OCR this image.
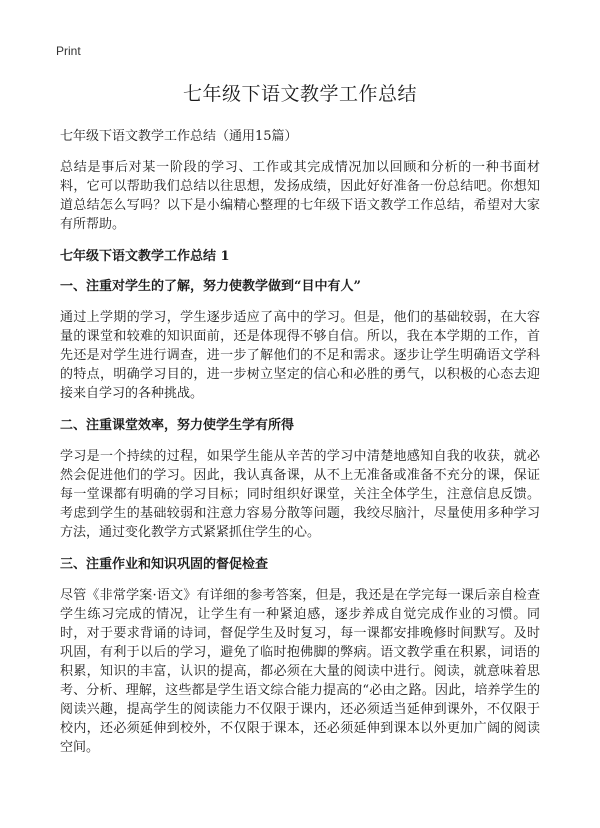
Print
七年级下语文教学工作总结
七年级下语文教学工作总结（通用15篇）

总结是事后对某一阶段的学习、工作或其完成情况加以回顾和分析的一种书面材料，它可以帮助我们总结以往思想，发扬成绩，因此好好准备一份总结吧。你想知道总结怎么写吗？以下是小编精心整理的七年级下语文教学工作总结，希望对大家有所帮助。

七年级下语文教学工作总结 1
一、注重对学生的了解，努力使教学做到“目中有人”

通过上学期的学习，学生逐步适应了高中的学习。但是，他们的基础较弱，在大容量的课堂和较难的知识面前，还是体现得不够自信。所以，我在本学期的工作，首先还是对学生进行调查，进一步了解他们的不足和需求。逐步让学生明确语文学科的特点，明确学习目的，进一步树立坚定的信心和必胜的勇气，以积极的心态去迎接来自学习的各种挑战。

二、注重课堂效率，努力使学生学有所得

学习是一个持续的过程，如果学生能从辛苦的学习中清楚地感知自我的收获，就必然会促进他们的学习。因此，我认真备课，从不上无准备或准备不充分的课，保证每一堂课都有明确的学习目标；同时组织好课堂，关注全体学生，注意信息反馈。考虑到学生的基础较弱和注意力容易分散等问题，我绞尽脑汁，尽量使用多种学习方法，通过变化教学方式紧紧抓住学生的心。

三、注重作业和知识巩固的督促检查

尽管《非常学案·语文》有详细的参考答案，但是，我还是在学完每一课后亲自检查学生练习完成的情况，让学生有一种紧迫感，逐步养成自觉完成作业的习惯。同时，对于要求背诵的诗词，督促学生及时复习，每一课都安排晚修时间默写。及时巩固，有利于以后的学习，避免了临时抱佛脚的弊病。语文教学重在积累，词语的积累，知识的丰富，认识的提高，都必须在大量的阅读中进行。阅读，就意味着思考、分析、理解，这些都是学生语文综合能力提高的“必由之路。因此，培养学生的阅读兴趣，提高学生的阅读能力不仅限于课内，还必须适当延伸到课外，不仅限于校内，还必须延伸到校外，不仅限于课本，还必须延伸到课本以外更加广阔的阅读空间。
